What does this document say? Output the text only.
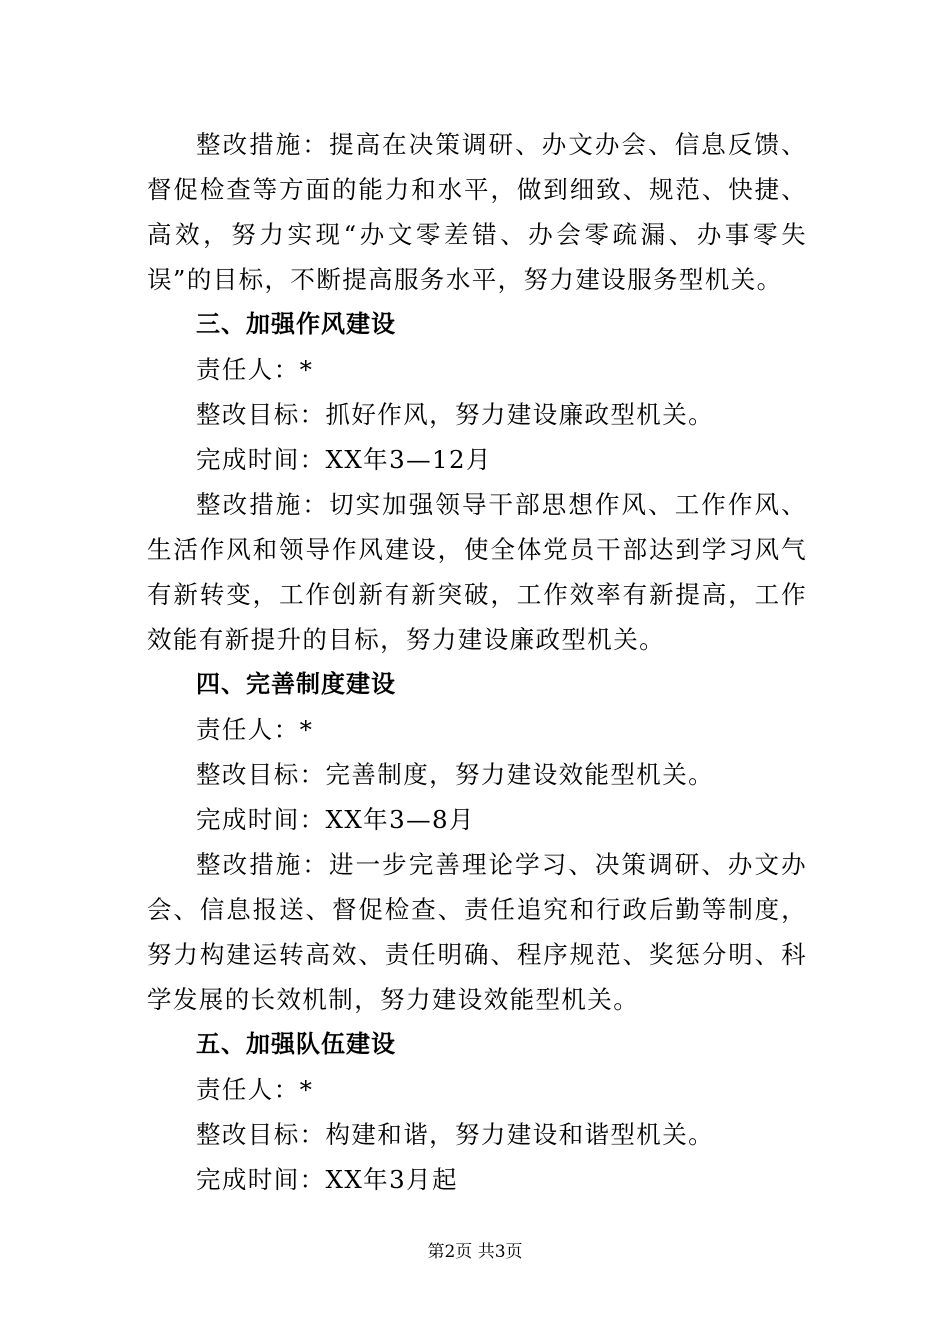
整改措施：提高在决策调研、办文办会、信息反馈、督促检查等方面的能力和水平，做到细致、规范、快捷、高效，努力实现“办文零差错、办会零疏漏、办事零失误”的目标，不断提高服务水平，努力建设服务型机关。

三、加强作风建设

责任人：*

整改目标：抓好作风，努力建设廉政型机关。

完成时间：XX年3—12月

整改措施：切实加强领导干部思想作风、工作作风、生活作风和领导作风建设，使全体党员干部达到学习风气有新转变，工作创新有新突破，工作效率有新提高，工作效能有新提升的目标，努力建设廉政型机关。

四、完善制度建设

责任人：*

整改目标：完善制度，努力建设效能型机关。

完成时间：XX年3—8月

整改措施：进一步完善理论学习、决策调研、办文办会、信息报送、督促检查、责任追究和行政后勤等制度，努力构建运转高效、责任明确、程序规范、奖惩分明、科学发展的长效机制，努力建设效能型机关。

五、加强队伍建设

责任人：*

整改目标：构建和谐，努力建设和谐型机关。

完成时间：XX年3月起

第2页 共3页
